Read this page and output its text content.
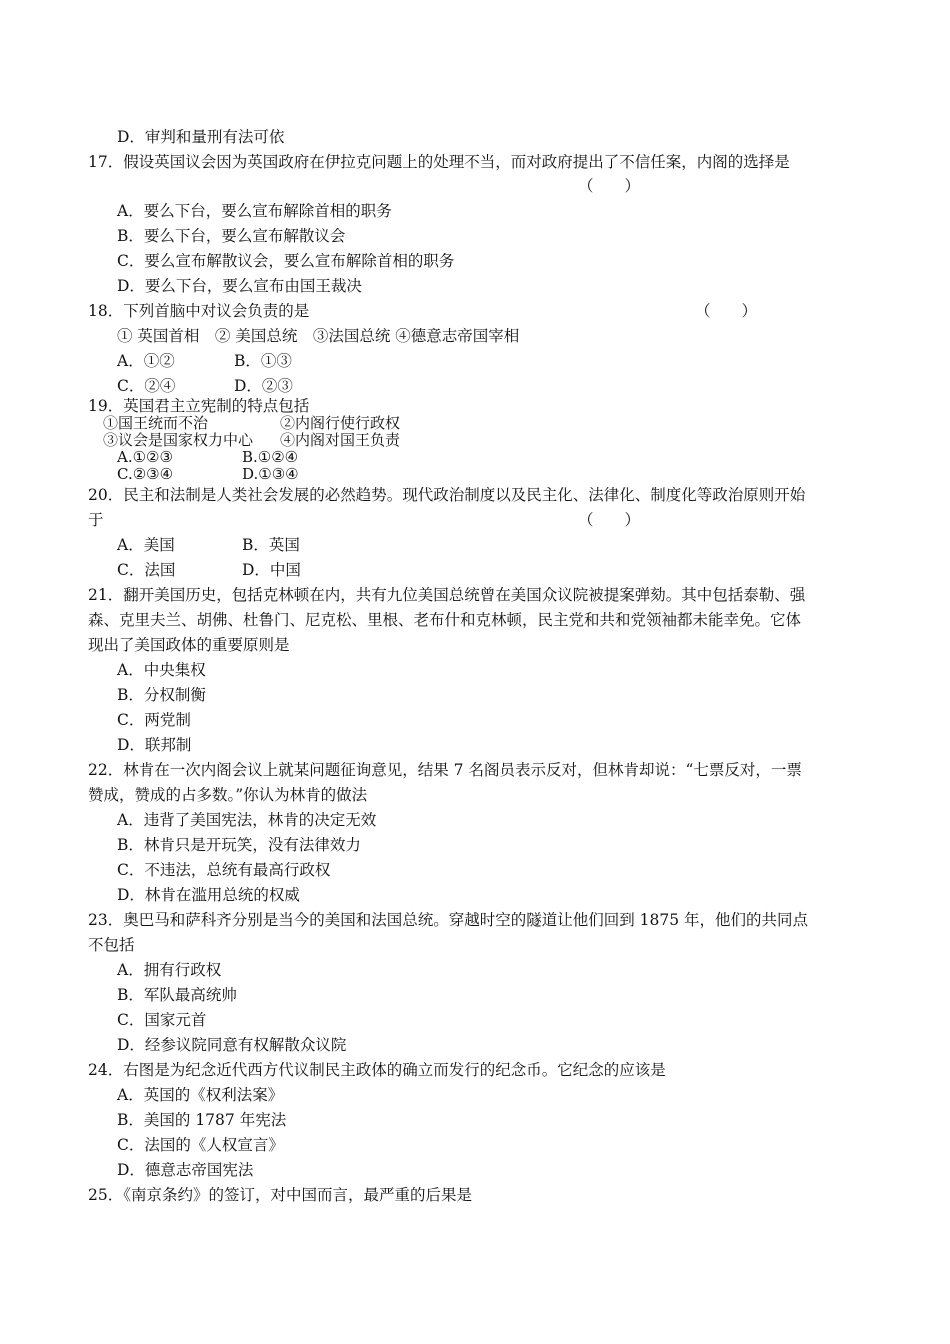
D．审判和量刑有法可依
17．假设英国议会因为英国政府在伊拉克问题上的处理不当，而对政府提出了不信任案，内阁的选择是
（　　）
A．要么下台，要么宣布解除首相的职务
B．要么下台，要么宣布解散议会
C．要么宣布解散议会，要么宣布解除首相的职务
D．要么下台，要么宣布由国王裁决
18．下列首脑中对议会负责的是	（　　）
① 英国首相　② 美国总统　③法国总统 ④德意志帝国宰相
A．①②	B．①③
C．②④	D．②③
19．英国君主立宪制的特点包括
①国王统而不治	②内阁行使行政权
③议会是国家权力中心 ④内阁对国王负责
A.①②③	B.①②④
C.②③④	D.①③④
20．民主和法制是人类社会发展的必然趋势。现代政治制度以及民主化、法律化、制度化等政治原则开始
于	（　　）
A．美国	B．英国
C．法国	D．中国
21．翻开美国历史，包括克林顿在内，共有九位美国总统曾在美国众议院被提案弹劾。其中包括泰勒、强
森、克里夫兰、胡佛、杜鲁门、尼克松、里根、老布什和克林顿，民主党和共和党领袖都未能幸免。它体
现出了美国政体的重要原则是
A．中央集权
B．分权制衡
C．两党制
D．联邦制
22．林肯在一次内阁会议上就某问题征询意见，结果 7 名阁员表示反对，但林肯却说：“七票反对，一票
赞成，赞成的占多数。”你认为林肯的做法
A．违背了美国宪法，林肯的决定无效
B．林肯只是开玩笑，没有法律效力
C．不违法，总统有最高行政权
D．林肯在滥用总统的权威
23．奥巴马和萨科齐分别是当今的美国和法国总统。穿越时空的隧道让他们回到 1875 年，他们的共同点
不包括
A．拥有行政权
B．军队最高统帅
C．国家元首
D．经参议院同意有权解散众议院
24．右图是为纪念近代西方代议制民主政体的确立而发行的纪念币。它纪念的应该是
A．英国的《权利法案》
B．美国的 1787 年宪法
C．法国的《人权宣言》
D．德意志帝国宪法
25．《南京条约》的签订，对中国而言，最严重的后果是
